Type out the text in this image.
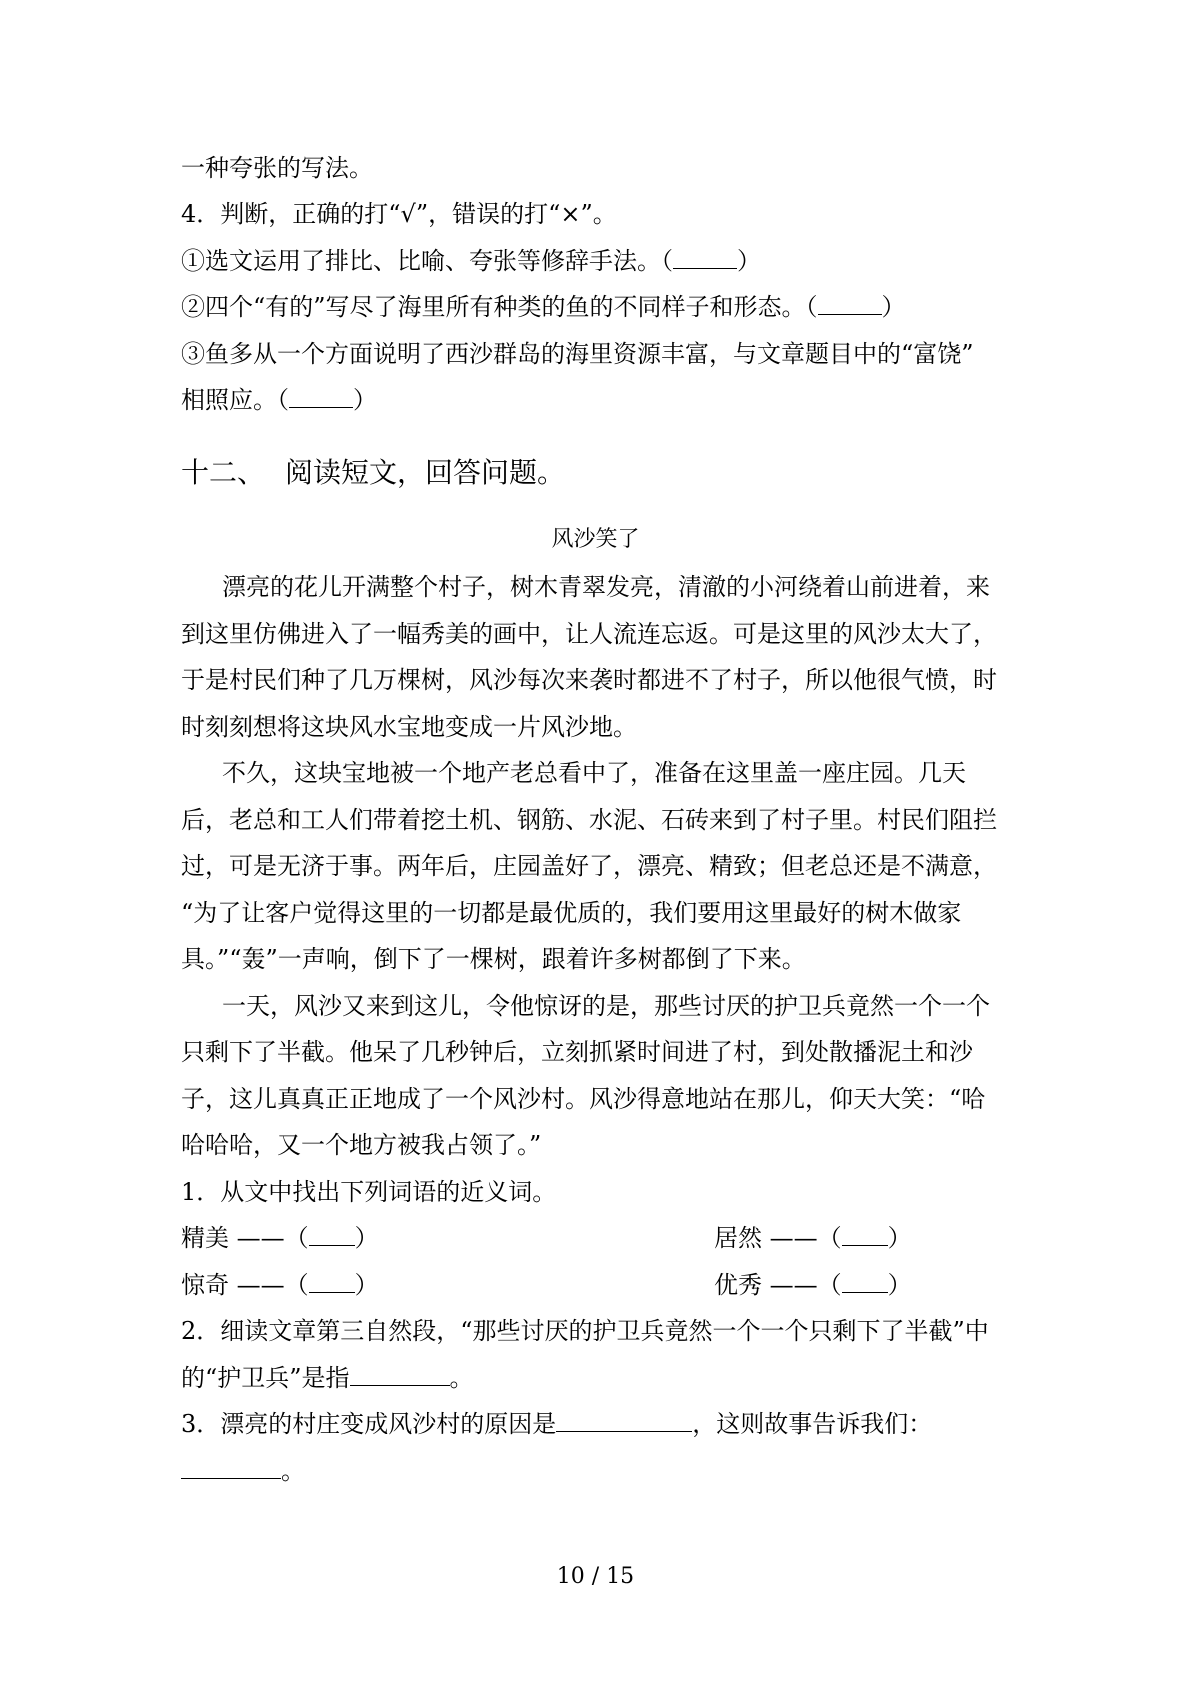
一种夸张的写法。
4．判断，正确的打“√”，错误的打“×”。
①选文运用了排比、比喻、夸张等修辞手法。（	）
②四个“有的”写尽了海里所有种类的鱼的不同样子和形态。（	）
③鱼多从一个方面说明了西沙群岛的海里资源丰富，与文章题目中的“富饶”
相照应。（	）
十二、 阅读短文，回答问题。
风沙笑了
漂亮的花儿开满整个村子，树木青翠发亮，清澈的小河绕着山前进着，来
到这里仿佛进入了一幅秀美的画中，让人流连忘返。可是这里的风沙太大了，
于是村民们种了几万棵树，风沙每次来袭时都进不了村子，所以他很气愤，时
时刻刻想将这块风水宝地变成一片风沙地。
不久，这块宝地被一个地产老总看中了，准备在这里盖一座庄园。几天
后，老总和工人们带着挖土机、钢筋、水泥、石砖来到了村子里。村民们阻拦
过，可是无济于事。两年后，庄园盖好了，漂亮、精致；但老总还是不满意，
“为了让客户觉得这里的一切都是最优质的，我们要用这里最好的树木做家
具。”“轰”一声响，倒下了一棵树，跟着许多树都倒了下来。
一天，风沙又来到这儿，令他惊讶的是，那些讨厌的护卫兵竟然一个一个
只剩下了半截。他呆了几秒钟后，立刻抓紧时间进了村，到处散播泥土和沙
子，这儿真真正正地成了一个风沙村。风沙得意地站在那儿，仰天大笑：“哈
哈哈哈，又一个地方被我占领了。”
1．从文中找出下列词语的近义词。
精美 ——（ ）	居然 ——（ ）
惊奇 ——（ ）	优秀 ——（ ）
2．细读文章第三自然段，“那些讨厌的护卫兵竟然一个一个只剩下了半截”中
的“护卫兵”是指	。
3．漂亮的村庄变成风沙村的原因是	，这则故事告诉我们：
。
10 / 15
